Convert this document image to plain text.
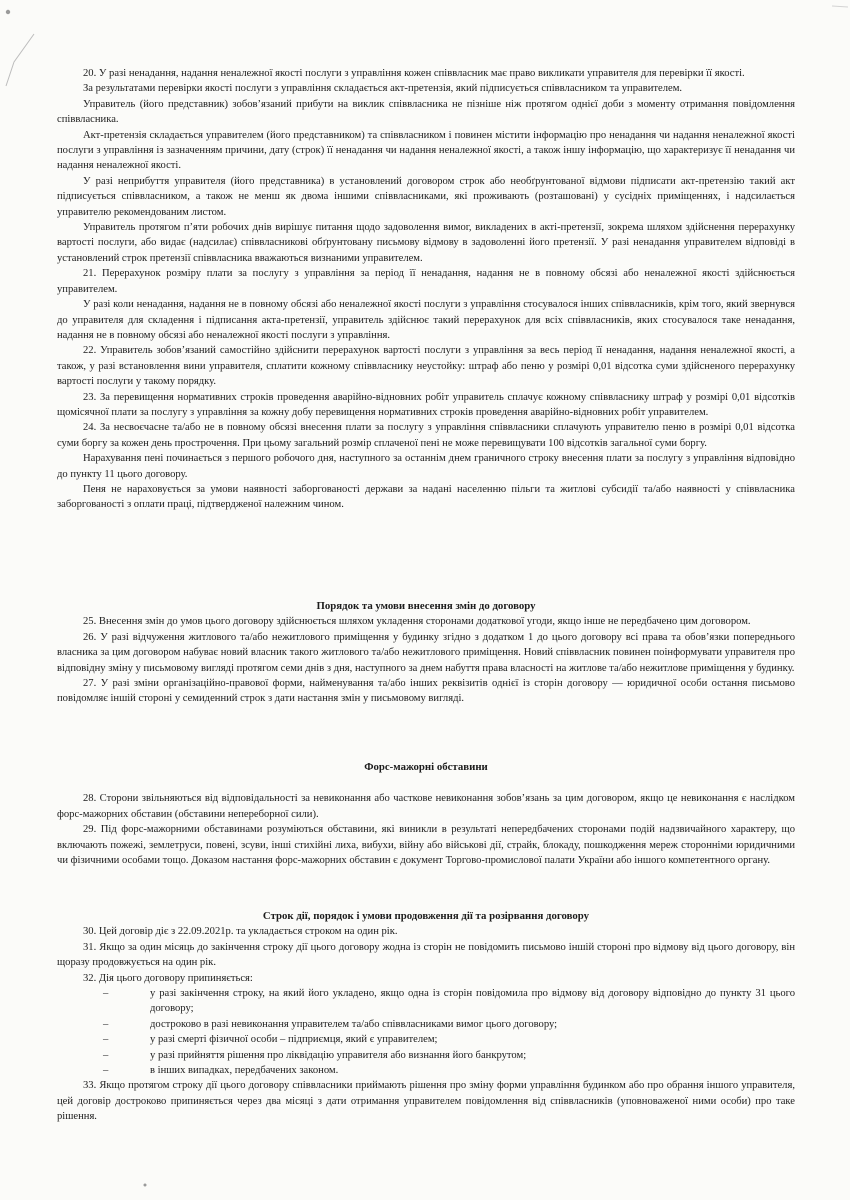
20. У разі ненадання, надання неналежної якості послуги з управління кожен співвласник має право викликати управителя для перевірки її якості.

За результатами перевірки якості послуги з управління складається акт-претензія, який підписується співвласником та управителем.

Управитель (його представник) зобов’язаний прибути на виклик співвласника не пізніше ніж протягом однієї доби з моменту отримання повідомлення співвласника.

Акт-претензія складається управителем (його представником) та співвласником і повинен містити інформацію про ненадання чи надання неналежної якості послуги з управління із зазначенням причини, дату (строк) її ненадання чи надання неналежної якості, а також іншу інформацію, що характеризує її ненадання чи надання неналежної якості.

У разі неприбуття управителя (його представника) в установлений договором строк або необґрунтованої відмови підписати акт-претензію такий акт підписується співвласником, а також не менш як двома іншими співвласниками, які проживають (розташовані) у сусідніх приміщеннях, і надсилається управителю рекомендованим листом.

Управитель протягом п’яти робочих днів вирішує питання щодо задоволення вимог, викладених в акті-претензії, зокрема шляхом здійснення перерахунку вартості послуги, або видає (надсилає) співвласникові обґрунтовану письмову відмову в задоволенні його претензії. У разі ненадання управителем відповіді в установлений строк претензії співвласника вважаються визнаними управителем.

21. Перерахунок розміру плати за послугу з управління за період її ненадання, надання не в повному обсязі або неналежної якості здійснюється управителем.

У разі коли ненадання, надання не в повному обсязі або неналежної якості послуги з управління стосувалося інших співвласників, крім того, який звернувся до управителя для складення і підписання акта-претензії, управитель здійснює такий перерахунок для всіх співвласників, яких стосувалося таке ненадання, надання не в повному обсязі або неналежної якості послуги з управління.

22. Управитель зобов’язаний самостійно здійснити перерахунок вартості послуги з управління за весь період її ненадання, надання неналежної якості, а також, у разі встановлення вини управителя, сплатити кожному співвласнику неустойку: штраф або пеню у розмірі 0,01 відсотка суми здійсненого перерахунку вартості послуги у такому порядку.

23. За перевищення нормативних строків проведення аварійно-відновних робіт управитель сплачує кожному співвласнику штраф у розмірі 0,01 відсотків щомісячної плати за послугу з управління за кожну добу перевищення нормативних строків проведення аварійно-відновних робіт управителем.

24. За несвоєчасне та/або не в повному обсязі внесення плати за послугу з управління співвласники сплачують управителю пеню в розмірі 0,01 відсотка суми боргу за кожен день прострочення. При цьому загальний розмір сплаченої пені не може перевищувати 100 відсотків загальної суми боргу.

Нарахування пені починається з першого робочого дня, наступного за останнім днем граничного строку внесення плати за послугу з управління відповідно до пункту 11 цього договору.

Пеня не нараховується за умови наявності заборгованості держави за надані населенню пільги та житлові субсидії та/або наявності у співвласника заборгованості з оплати праці, підтвердженої належним чином.

Порядок та умови внесення змін до договору

25. Внесення змін до умов цього договору здійснюється шляхом укладення сторонами додаткової угоди, якщо інше не передбачено цим договором.

26. У разі відчуження житлового та/або нежитлового приміщення у будинку згідно з додатком 1 до цього договору всі права та обов’язки попереднього власника за цим договором набуває новий власник такого житлового та/або нежитлового приміщення. Новий співвласник повинен поінформувати управителя про відповідну зміну у письмовому вигляді протягом семи днів з дня, наступного за днем набуття права власності на житлове та/або нежитлове приміщення у будинку.

27. У разі зміни організаційно-правової форми, найменування та/або інших реквізитів однієї із сторін договору — юридичної особи остання письмово повідомляє іншій стороні у семиденний строк з дати настання змін у письмовому вигляді.

Форс-мажорні обставини

28. Сторони звільняються від відповідальності за невиконання або часткове невиконання зобов’язань за цим договором, якщо це невиконання є наслідком форс-мажорних обставин (обставини непереборної сили).

29. Під форс-мажорними обставинами розуміються обставини, які виникли в результаті непередбачених сторонами подій надзвичайного характеру, що включають пожежі, землетруси, повені, зсуви, інші стихійні лиха, вибухи, війну або військові дії, страйк, блокаду, пошкодження мереж сторонніми юридичними чи фізичними особами тощо. Доказом настання форс-мажорних обставин є документ Торгово-промислової палати України або іншого компетентного органу.

Строк дії, порядок і умови продовження дії та розірвання договору

30. Цей договір діє з 22.09.2021р. та укладається строком на один рік.

31. Якщо за один місяць до закінчення строку дії цього договору жодна із сторін не повідомить письмово іншій стороні про відмову від цього договору, він щоразу продовжується на один рік.

32. Дія цього договору припиняється:

–	у разі закінчення строку, на який його укладено, якщо одна із сторін повідомила про відмову від договору відповідно до пункту 31 цього договору;
–	достроково в разі невиконання управителем та/або співвласниками вимог цього договору;
–	у разі смерті фізичної особи – підприємця, який є управителем;
–	у разі прийняття рішення про ліквідацію управителя або визнання його банкрутом;
–	в інших випадках, передбачених законом.

33. Якщо протягом строку дії цього договору співвласники приймають рішення про зміну форми управління будинком або про обрання іншого управителя, цей договір достроково припиняється через два місяці з дати отримання управителем повідомлення від співвласників (уповноваженої ними особи) про таке рішення.
